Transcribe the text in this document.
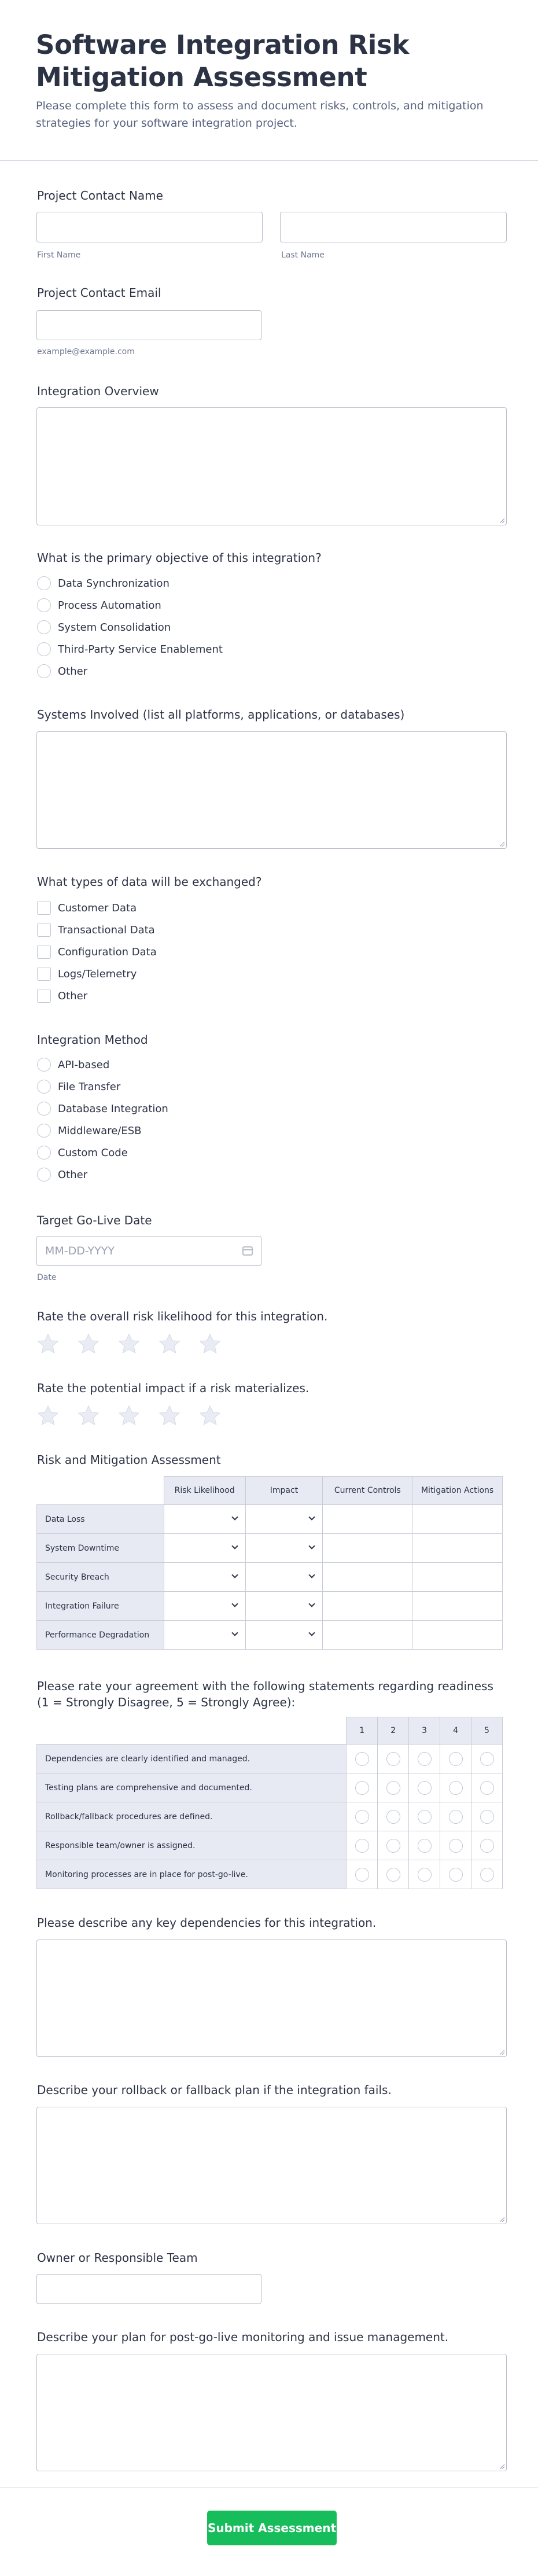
Software Integration Risk Mitigation Assessment

Please complete this form to assess and document risks, controls, and mitigation strategies for your software integration project.

Project Contact Name
First Name	Last Name
Project Contact Email
example@example.com
Integration Overview
What is the primary objective of this integration?
Data Synchronization
Process Automation
System Consolidation
Third-Party Service Enablement
Other
Systems Involved (list all platforms, applications, or databases)
What types of data will be exchanged?
Customer Data
Transactional Data
Configuration Data
Logs/Telemetry
Other
Integration Method
API-based
File Transfer
Database Integration
Middleware/ESB
Custom Code
Other
Target Go-Live Date
MM-DD-YYYY
Date
Rate the overall risk likelihood for this integration.
Rate the potential impact if a risk materializes.
Risk and Mitigation Assessment
	Risk Likelihood	Impact	Current Controls	Mitigation Actions
Data Loss	

System Downtime	

Security Breach	

Integration Failure	

Performance Degradation	

Please rate your agreement with the following statements regarding readiness (1 = Strongly Disagree, 5 = Strongly Agree):
	1	2	3	4	5
Dependencies are clearly identified and managed.					
Testing plans are comprehensive and documented.					
Rollback/fallback procedures are defined.					
Responsible team/owner is assigned.					
Monitoring processes are in place for post-go-live.					
Please describe any key dependencies for this integration.
Describe your rollback or fallback plan if the integration fails.
Owner or Responsible Team
Describe your plan for post-go-live monitoring and issue management.
Submit Assessment
